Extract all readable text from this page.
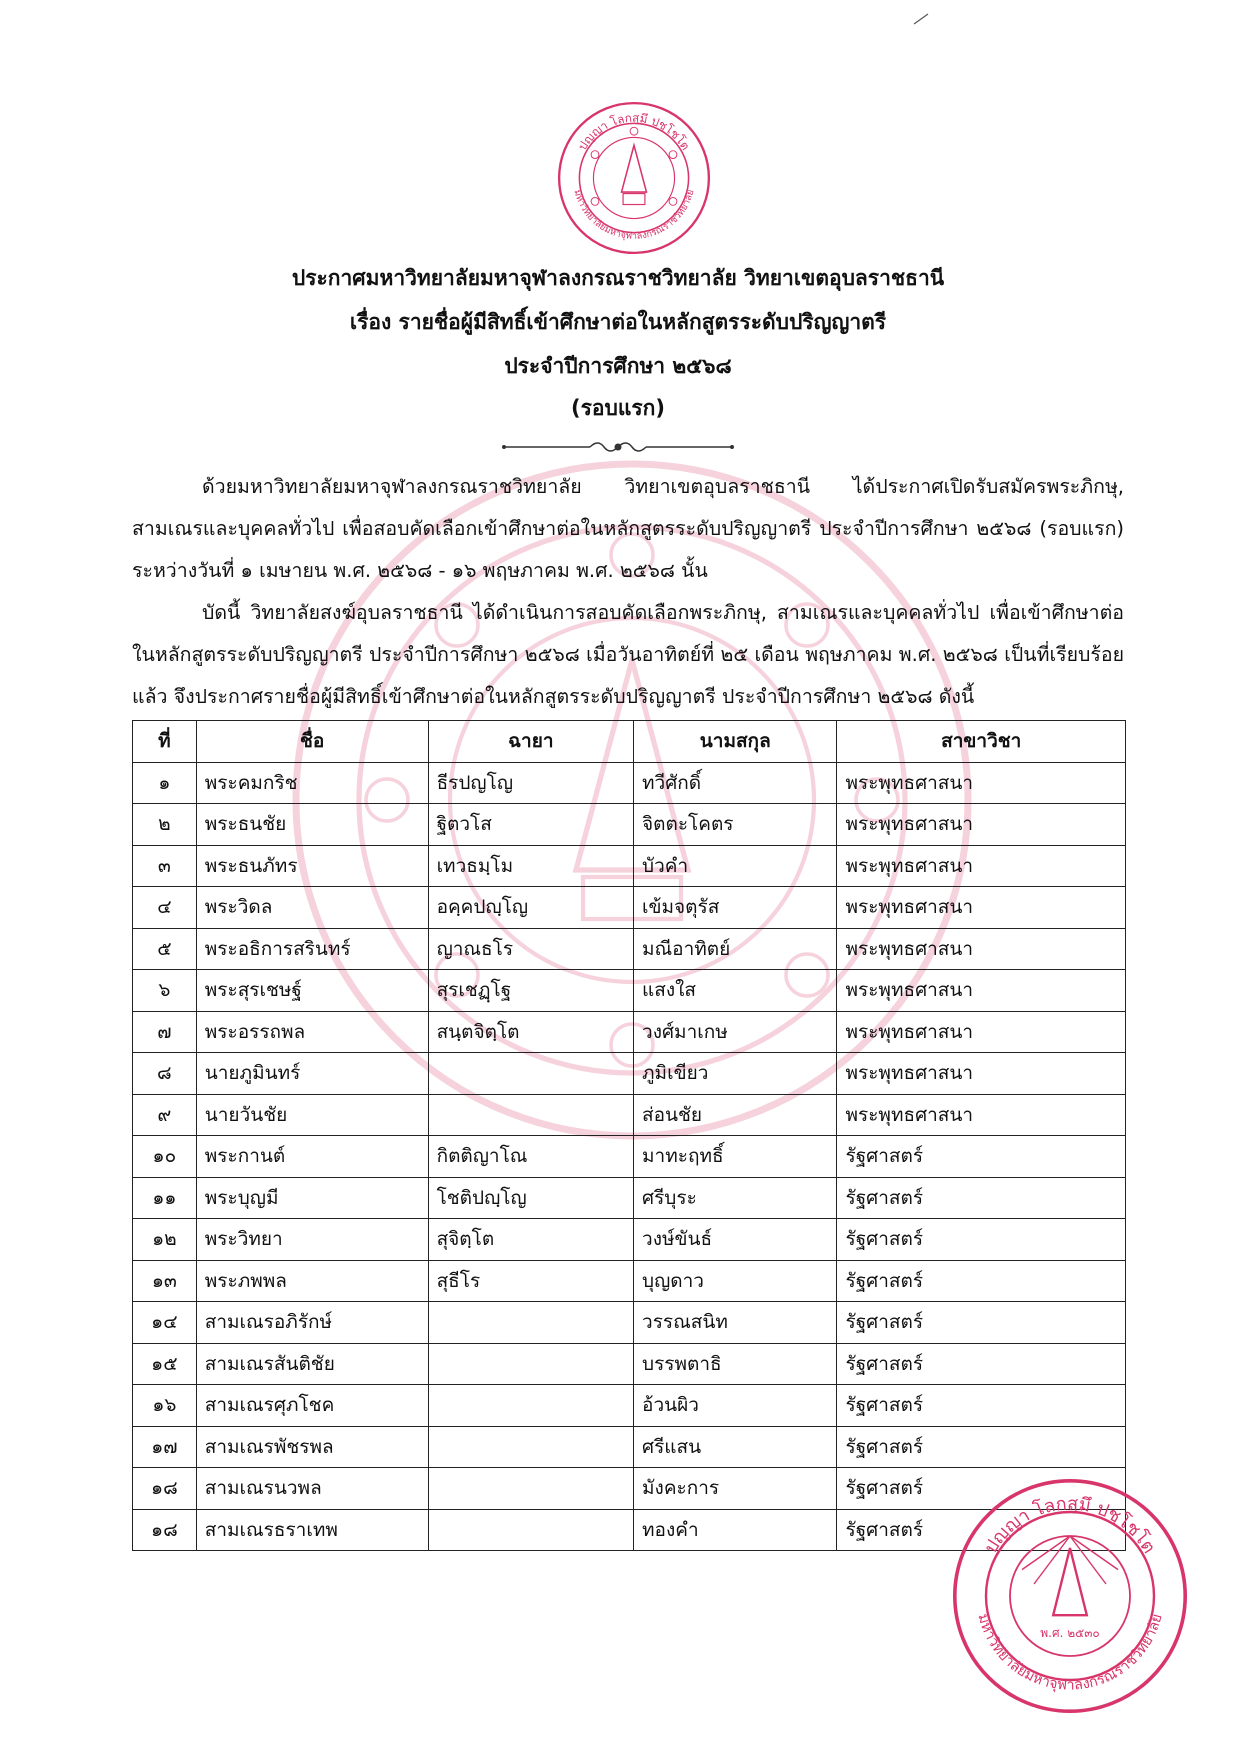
ปญญา โลกสฺมึ ปชฺโชโต
มหาวิทยาลัยมหาจุฬาลงกรณราชวิทยาลัย
ประกาศมหาวิทยาลัยมหาจุฬาลงกรณราชวิทยาลัย วิทยาเขตอุบลราชธานี
เรื่อง รายชื่อผู้มีสิทธิ์เข้าศึกษาต่อในหลักสูตรระดับปริญญาตรี
ประจำปีการศึกษา ๒๕๖๘
(รอบแรก)
ด้วยมหาวิทยาลัยมหาจุฬาลงกรณราชวิทยาลัย วิทยาเขตอุบลราชธานี ได้ประกาศเปิดรับสมัครพระภิกษุ, สามเณรและบุคคลทั่วไป เพื่อสอบคัดเลือกเข้าศึกษาต่อในหลักสูตรระดับปริญญาตรี ประจำปีการศึกษา ๒๕๖๘ (รอบแรก) ระหว่างวันที่ ๑ เมษายน พ.ศ. ๒๕๖๘ - ๑๖ พฤษภาคม พ.ศ. ๒๕๖๘ นั้น
บัดนี้ วิทยาลัยสงฆ์อุบลราชธานี ได้ดำเนินการสอบคัดเลือกพระภิกษุ, สามเณรและบุคคลทั่วไป เพื่อเข้าศึกษาต่อในหลักสูตรระดับปริญญาตรี ประจำปีการศึกษา ๒๕๖๘ เมื่อวันอาทิตย์ที่ ๒๕ เดือน พฤษภาคม พ.ศ. ๒๕๖๘ เป็นที่เรียบร้อยแล้ว จึงประกาศรายชื่อผู้มีสิทธิ์เข้าศึกษาต่อในหลักสูตรระดับปริญญาตรี ประจำปีการศึกษา ๒๕๖๘ ดังนี้
ที่	ชื่อ	ฉายา	นามสกุล	สาขาวิชา
๑	พระคมกริช	ธีรปญโญ	ทวีศักดิ์	พระพุทธศาสนา
๒	พระธนชัย	ฐิตวโส	จิตตะโคตร	พระพุทธศาสนา
๓	พระธนภัทร	เทวธมฺโม	บัวคำ	พระพุทธศาสนา
๔	พระวิดล	อคฺคปญฺโญ	เข้มจตุรัส	พระพุทธศาสนา
๕	พระอธิการสรินทร์	ญาณธโร	มณีอาทิตย์	พระพุทธศาสนา
๖	พระสุรเชษฐ์	สุรเชฏฺโฐ	แสงใส	พระพุทธศาสนา
๗	พระอรรถพล	สนฺตจิตฺโต	วงศ์มาเกษ	พระพุทธศาสนา
๘	นายภูมินทร์		ภูมิเขียว	พระพุทธศาสนา
๙	นายวันชัย		ส่อนชัย	พระพุทธศาสนา
๑๐	พระกานต์	กิตติญาโณ	มาทะฤทธิ์	รัฐศาสตร์
๑๑	พระบุญมี	โชติปญฺโญ	ศรีบุระ	รัฐศาสตร์
๑๒	พระวิทยา	สุจิตฺโต	วงษ์ขันธ์	รัฐศาสตร์
๑๓	พระภพพล	สุธีโร	บุญดาว	รัฐศาสตร์
๑๔	สามเณรอภิรักษ์		วรรณสนิท	รัฐศาสตร์
๑๕	สามเณรสันติชัย		บรรพตาธิ	รัฐศาสตร์
๑๖	สามเณรศุภโชค		อ้วนผิว	รัฐศาสตร์
๑๗	สามเณรพัชรพล		ศรีแสน	รัฐศาสตร์
๑๘	สามเณรนวพล		มังคะการ	รัฐศาสตร์
๑๘	สามเณรธราเทพ		ทองคำ	รัฐศาสตร์
ปญญา โลกสฺมึ ปชฺโชโต
มหาวิทยาลัยมหาจุฬาลงกรณราชวิทยาลัย
พ.ศ. ๒๕๓๐
